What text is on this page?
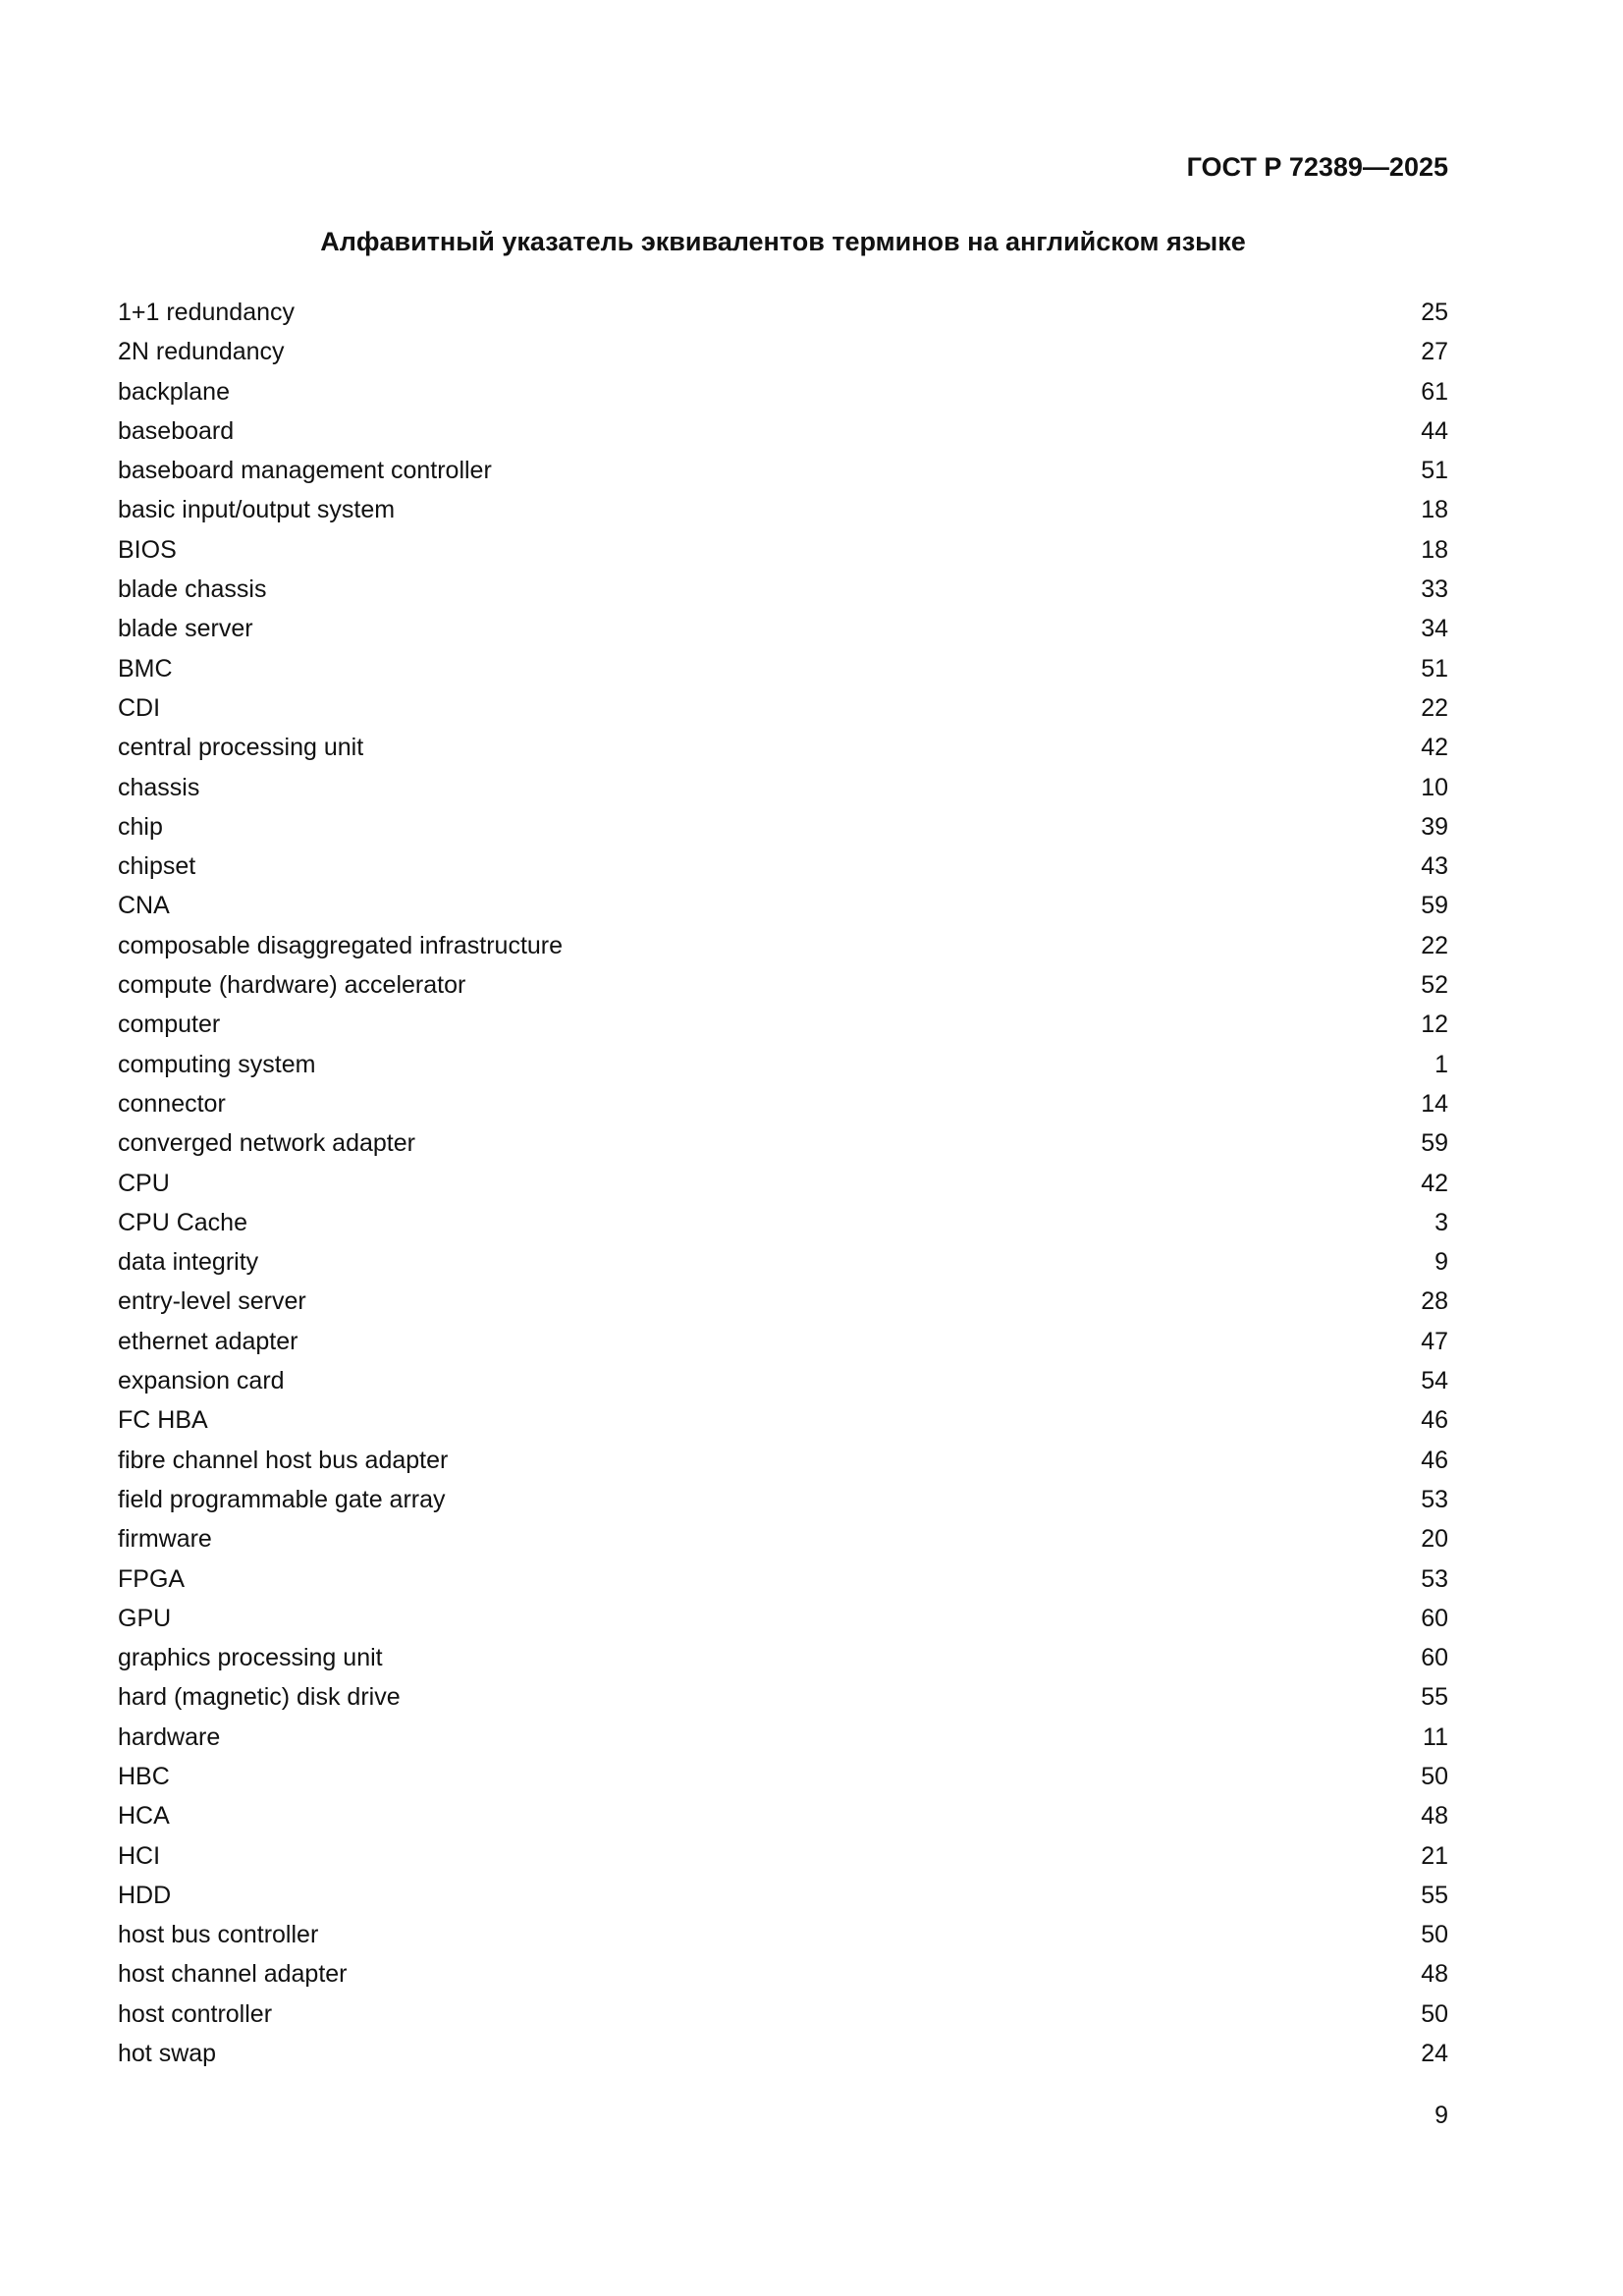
ГОСТ Р 72389—2025
Алфавитный указатель эквивалентов терминов на английском языке
1+1 redundancy	25
2N redundancy	27
backplane	61
baseboard	44
baseboard management controller	51
basic input/output system	18
BIOS	18
blade chassis	33
blade server	34
BMC	51
CDI	22
central processing unit	42
chassis	10
chip	39
chipset	43
CNA	59
composable disaggregated infrastructure	22
compute (hardware) accelerator	52
computer	12
computing system	1
connector	14
converged network adapter	59
CPU	42
CPU Cache	3
data integrity	9
entry-level server	28
ethernet adapter	47
expansion card	54
FC HBA	46
fibre channel host bus adapter	46
field programmable gate array	53
firmware	20
FPGA	53
GPU	60
graphics processing unit	60
hard (magnetic) disk drive	55
hardware	11
HBC	50
HCA	48
HCI	21
HDD	55
host bus controller	50
host channel adapter	48
host controller	50
hot swap	24
9
